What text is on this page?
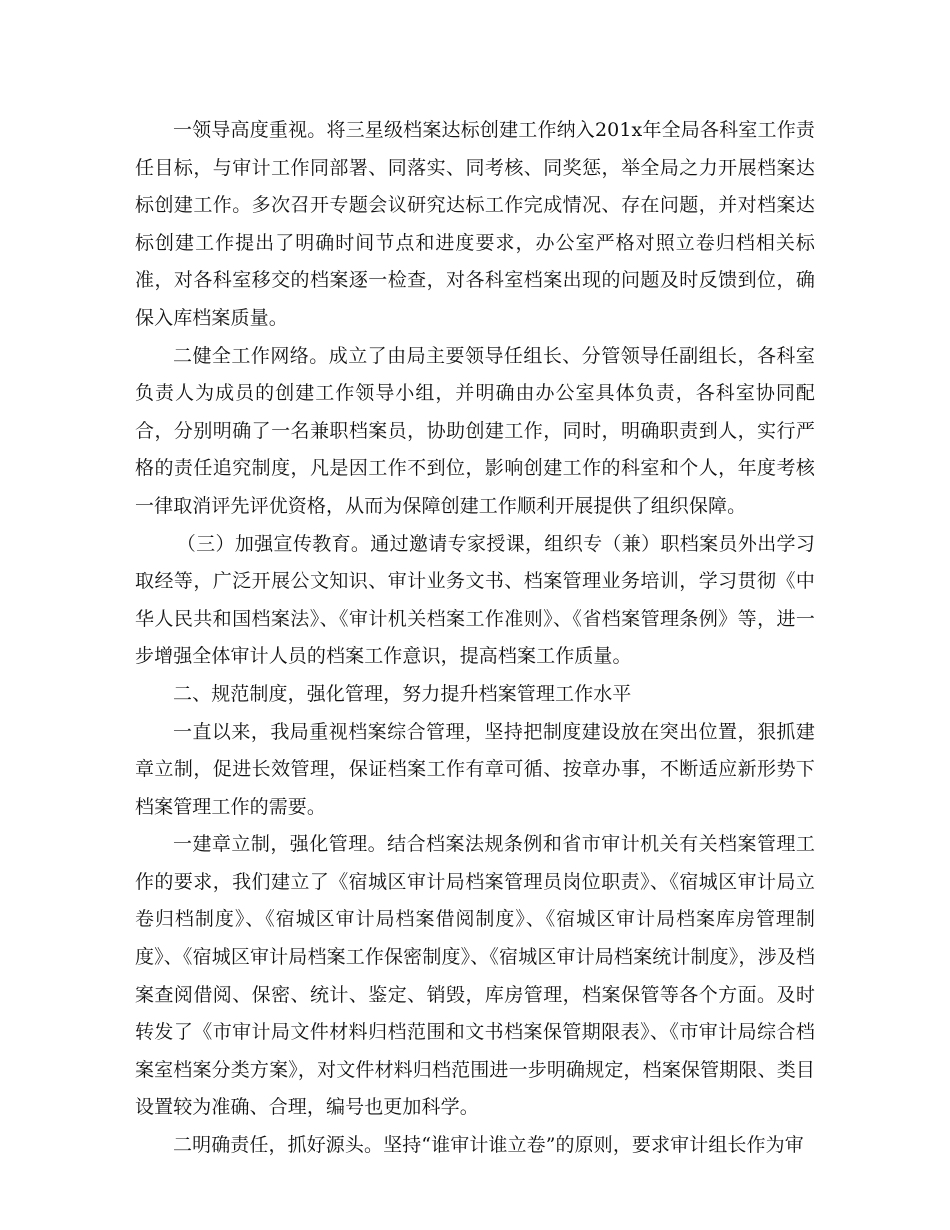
一领导高度重视。将三星级档案达标创建工作纳入201x年全局各科室工作责任目标，与审计工作同部署、同落实、同考核、同奖惩，举全局之力开展档案达标创建工作。多次召开专题会议研究达标工作完成情况、存在问题，并对档案达标创建工作提出了明确时间节点和进度要求，办公室严格对照立卷归档相关标准，对各科室移交的档案逐一检查，对各科室档案出现的问题及时反馈到位，确保入库档案质量。

二健全工作网络。成立了由局主要领导任组长、分管领导任副组长，各科室负责人为成员的创建工作领导小组，并明确由办公室具体负责，各科室协同配合，分别明确了一名兼职档案员，协助创建工作，同时，明确职责到人，实行严格的责任追究制度，凡是因工作不到位，影响创建工作的科室和个人，年度考核一律取消评先评优资格，从而为保障创建工作顺利开展提供了组织保障。

（三）加强宣传教育。通过邀请专家授课，组织专（兼）职档案员外出学习取经等，广泛开展公文知识、审计业务文书、档案管理业务培训，学习贯彻《中华人民共和国档案法》、《审计机关档案工作准则》、《省档案管理条例》等，进一步增强全体审计人员的档案工作意识，提高档案工作质量。

二、规范制度，强化管理，努力提升档案管理工作水平

一直以来，我局重视档案综合管理，坚持把制度建设放在突出位置，狠抓建章立制，促进长效管理，保证档案工作有章可循、按章办事，不断适应新形势下档案管理工作的需要。

一建章立制，强化管理。结合档案法规条例和省市审计机关有关档案管理工作的要求，我们建立了《宿城区审计局档案管理员岗位职责》、《宿城区审计局立卷归档制度》、《宿城区审计局档案借阅制度》、《宿城区审计局档案库房管理制度》、《宿城区审计局档案工作保密制度》、《宿城区审计局档案统计制度》，涉及档案查阅借阅、保密、统计、鉴定、销毁，库房管理，档案保管等各个方面。及时转发了《市审计局文件材料归档范围和文书档案保管期限表》、《市审计局综合档案室档案分类方案》，对文件材料归档范围进一步明确规定，档案保管期限、类目设置较为准确、合理，编号也更加科学。

二明确责任，抓好源头。坚持“谁审计谁立卷”的原则，要求审计组长作为审
